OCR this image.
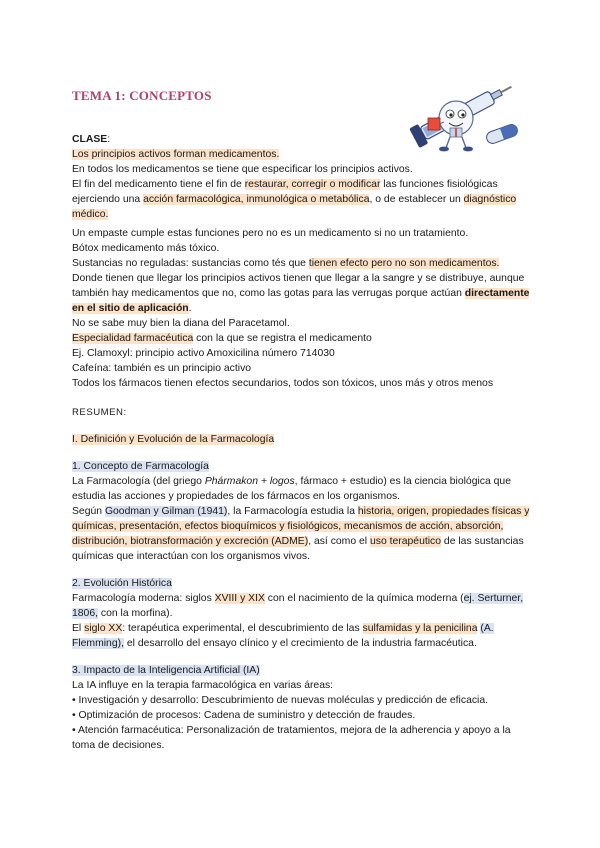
TEMA 1: CONCEPTOS

CLASE:

Los principios activos forman medicamentos.

En todos los medicamentos se tiene que especificar los principios activos.

El fin del medicamento tiene el fin de restaurar, corregir o modificar las funciones fisiológicas ejerciendo una acción farmacológica, inmunológica o metabólica, o de establecer un diagnóstico médico.

Un empaste cumple estas funciones pero no es un medicamento si no un tratamiento.

Bótox medicamento más tóxico.

Sustancias no reguladas: sustancias como tés que tienen efecto pero no son medicamentos.

Donde tienen que llegar los principios activos tienen que llegar a la sangre y se distribuye, aunque también hay medicamentos que no, como las gotas para las verrugas porque actúan directamente en el sitio de aplicación.

No se sabe muy bien la diana del Paracetamol.

Especialidad farmacéutica con la que se registra el medicamento

Ej. Clamoxyl: principio activo Amoxicilina número 714030

Cafeína: también es un principio activo

Todos los fármacos tienen efectos secundarios, todos son tóxicos, unos más y otros menos

RESUMEN:

I. Definición y Evolución de la Farmacología

1. Concepto de Farmacología

La Farmacología (del griego Phármakon + logos, fármaco + estudio) es la ciencia biológica que estudia las acciones y propiedades de los fármacos en los organismos.

Según Goodman y Gilman (1941), la Farmacología estudia la historia, origen, propiedades físicas y químicas, presentación, efectos bioquímicos y fisiológicos, mecanismos de acción, absorción, distribución, biotransformación y excreción (ADME), así como el uso terapéutico de las sustancias químicas que interactúan con los organismos vivos.

2. Evolución Histórica

Farmacología moderna: siglos XVIII y XIX con el nacimiento de la química moderna (ej. Serturner, 1806, con la morfina).

El siglo XX: terapéutica experimental, el descubrimiento de las sulfamidas y la penicilina (A. Flemming), el desarrollo del ensayo clínico y el crecimiento de la industria farmacéutica.

3. Impacto de la Inteligencia Artificial (IA)

La IA influye en la terapia farmacológica en varias áreas:

• Investigación y desarrollo: Descubrimiento de nuevas moléculas y predicción de eficacia.

• Optimización de procesos: Cadena de suministro y detección de fraudes.

• Atención farmacéutica: Personalización de tratamientos, mejora de la adherencia y apoyo a la toma de decisiones.
